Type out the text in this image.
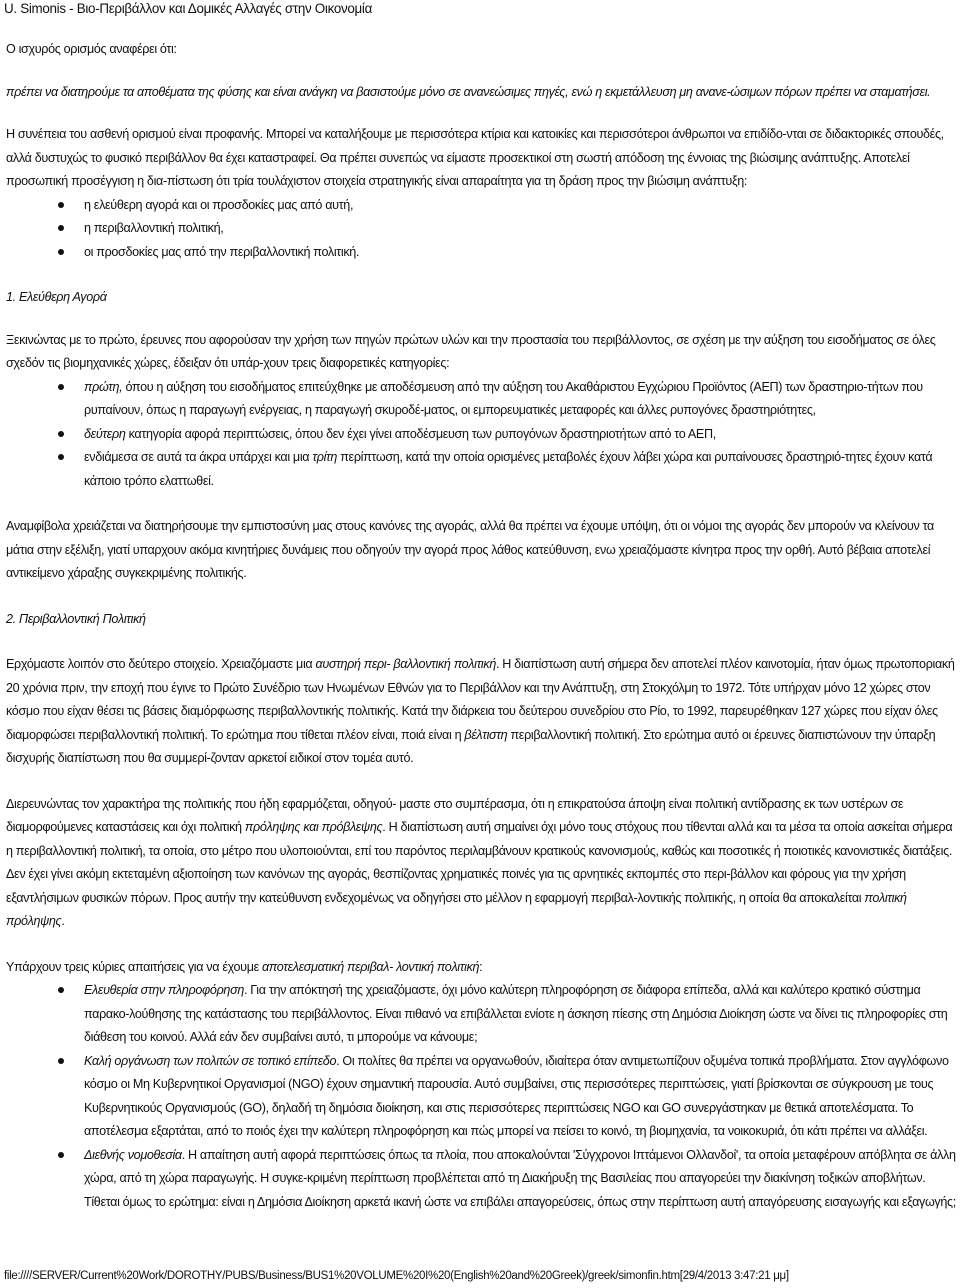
U. Simonis - Βιο-Περιβάλλον και Δομικές Αλλαγές στην Οικονομία

Ο ισχυρός ορισμός αναφέρει ότι:

πρέπει να διατηρούμε τα αποθέματα της φύσης και είναι ανάγκη να βασιστούμε μόνο σε ανανεώσιμες πηγές, ενώ η εκμετάλλευση μη ανανε-ώσιμων πόρων πρέπει να σταματήσει.

Η συνέπεια του ασθενή ορισμού είναι προφανής. Μπορεί να καταλήξουμε με περισσότερα κτίρια και κατοικίες και περισσότεροι άνθρωποι να επιδίδο-νται σε διδακτορικές σπουδές, αλλά δυστυχώς το φυσικό περιβάλλον θα έχει καταστραφεί. Θα πρέπει συνεπώς να είμαστε προσεκτικοί στη σωστή απόδοση της έννοιας της βιώσιμης ανάπτυξης. Αποτελεί προσωπική προσέγγιση η δια-πίστωση ότι τρία τουλάχιστον στοιχεία στρατηγικής είναι απαραίτητα για τη δράση προς την βιώσιμη ανάπτυξη:

η ελεύθερη αγορά και οι προσδοκίες μας από αυτή,
η περιβαλλοντική πολιτική,
οι προσδοκίες μας από την περιβαλλοντική πολιτική.

1. Ελεύθερη Αγορά

Ξεκινώντας με το πρώτο, έρευνες που αφορούσαν την χρήση των πηγών πρώτων υλών και την προστασία του περιβάλλοντος, σε σχέση με την αύξηση του εισοδήματος σε όλες σχεδόν τις βιομηχανικές χώρες, έδειξαν ότι υπάρ-χουν τρεις διαφορετικές κατηγορίες:

πρώτη, όπου η αύξηση του εισοδήματος επιτεύχθηκε με αποδέσμευση από την αύξηση του Ακαθάριστου Εγχώριου Προϊόντος (ΑΕΠ) των δραστηριο-τήτων που ρυπαίνουν, όπως η παραγωγή ενέργειας, η παραγωγή σκυροδέ-ματος, οι εμπορευματικές μεταφορές και άλλες ρυπογόνες δραστηριότητες,
δεύτερη κατηγορία αφορά περιπτώσεις, όπου δεν έχει γίνει αποδέσμευση των ρυπογόνων δραστηριοτήτων από το ΑΕΠ,
ενδιάμεσα σε αυτά τα άκρα υπάρχει και μια τρίτη περίπτωση, κατά την οποία ορισμένες μεταβολές έχουν λάβει χώρα και ρυπαίνουσες δραστηριό-τητες έχουν κατά κάποιο τρόπο ελαττωθεί.

Αναμφίβολα χρειάζεται να διατηρήσουμε την εμπιστοσύνη μας στους κανόνες της αγοράς, αλλά θα πρέπει να έχουμε υπόψη, ότι οι νόμοι της αγοράς δεν μπορούν να κλείνουν τα μάτια στην εξέλιξη, γιατί υπαρχουν ακόμα κινητήριες δυνάμεις που οδηγούν την αγορά προς λάθος κατεύθυνση, ενω χρειαζόμαστε κίνητρα προς την ορθή. Αυτό βέβαια αποτελεί αντικείμενο χάραξης συγκεκριμένης πολιτικής.

2. Περιβαλλοντική Πολιτική

Ερχόμαστε λοιπόν στο δεύτερο στοιχείο. Χρειαζόμαστε μια αυστηρή περι- βαλλοντική πολιτική. Η διαπίστωση αυτή σήμερα δεν αποτελεί πλέον καινοτομία, ήταν όμως πρωτοποριακή 20 χρόνια πριν, την εποχή που έγινε το Πρώτο Συνέδριο των Ηνωμένων Εθνών για το Περιβάλλον και την Ανάπτυξη, στη Στοκχόλμη το 1972. Τότε υπήρχαν μόνο 12 χώρες στον κόσμο που είχαν θέσει τις βάσεις διαμόρφωσης περιβαλλοντικής πολιτικής. Κατά την διάρκεια του δεύτερου συνεδρίου στο Ρίο, το 1992, παρευρέθηκαν 127 χώρες που είχαν όλες διαμορφώσει περιβαλλοντική πολιτική. Το ερώτημα που τίθεται πλέον είναι, ποιά είναι η βέλτιστη περιβαλλοντική πολιτική. Στο ερώτημα αυτό οι έρευνες διαπιστώνουν την ύπαρξη δισχυρής διαπίστωση που θα συμμερί-ζονταν αρκετοί ειδικοί στον τομέα αυτό.

Διερευνώντας τον χαρακτήρα της πολιτικής που ήδη εφαρμόζεται, οδηγού- μαστε στο συμπέρασμα, ότι η επικρατούσα άποψη είναι πολιτική αντίδρασης εκ των υστέρων σε διαμορφούμενες καταστάσεις και όχι πολιτική πρόληψης και πρόβλεψης. Η διαπίστωση αυτή σημαίνει όχι μόνο τους στόχους που τίθενται αλλά και τα μέσα τα οποία ασκείται σήμερα η περιβαλλοντική πολιτική, τα οποία, στο μέτρο που υλοποιούνται, επί του παρόντος περιλαμβάνουν κρατικούς κανονισμούς, καθώς και ποσοτικές ή ποιοτικές κανονιστικές διατάξεις. Δεν έχει γίνει ακόμη εκτεταμένη αξιοποίηση των κανόνων της αγοράς, θεσπίζοντας χρηματικές ποινές για τις αρνητικές εκπομπές στο περι-βάλλον και φόρους για την χρήση εξαντλήσιμων φυσικών πόρων. Προς αυτήν την κατεύθυνση ενδεχομένως να οδηγήσει στο μέλλον η εφαρμογή περιβαλ-λοντικής πολιτικής, η οποία θα αποκαλείται πολιτική πρόληψης.

Υπάρχουν τρεις κύριες απαιτήσεις για να έχουμε αποτελεσματική περιβαλ- λοντική πολιτική:

Ελευθερία στην πληροφόρηση. Για την απόκτησή της χρειαζόμαστε, όχι μόνο καλύτερη πληροφόρηση σε διάφορα επίπεδα, αλλά και καλύτερο κρατικό σύστημα παρακο-λούθησης της κατάστασης του περιβάλλοντος. Είναι πιθανό να επιβάλλεται ενίοτε η άσκηση πίεσης στη Δημόσια Διοίκηση ώστε να δίνει τις πληροφορίες στη διάθεση του κοινού. Αλλά εάν δεν συμβαίνει αυτό, τι μπορούμε να κάνουμε;
Καλή οργάνωση των πολιτών σε τοπικό επίπεδο. Οι πολίτες θα πρέπει να οργανωθούν, ιδιαίτερα όταν αντιμετωπίζουν οξυμένα τοπικά προβλήματα. Στον αγγλόφωνο κόσμο οι Μη Κυβερνητικοί Οργανισμοί (NGO) έχουν σημαντική παρουσία. Αυτό συμβαίνει, στις περισσότερες περιπτώσεις, γιατί βρίσκονται σε σύγκρουση με τους Κυβερνητικούς Οργανισμούς (GO), δηλαδή τη δημόσια διοίκηση, και στις περισσότερες περιπτώσεις NGO και GO συνεργάστηκαν με θετικά αποτελέσματα. Το αποτέλεσμα εξαρτάται, από το ποιός έχει την καλύτερη πληροφόρηση και πώς μπορεί να πείσει το κοινό, τη βιομηχανία, τα νοικοκυριά, ότι κάτι πρέπει να αλλάξει.
Διεθνής νομοθεσία. Η απαίτηση αυτή αφορά περιπτώσεις όπως τα πλοία, που αποκαλούνται 'Σύγχρονοι Ιπτάμενοι Ολλανδοί', τα οποία μεταφέρουν απόβλητα σε άλλη χώρα, από τη χώρα παραγωγής. Η συγκε-κριμένη περίπτωση προβλέπεται από τη Διακήρυξη της Βασιλείας που απαγορεύει την διακίνηση τοξικών αποβλήτων. Τίθεται όμως το ερώτημα: είναι η Δημόσια Διοίκηση αρκετά ικανή ώστε να επιβάλει απαγορεύσεις, όπως στην περίπτωση αυτή απαγόρευσης εισαγωγής και εξαγωγής;
file:////SERVER/Current%20Work/DOROTHY/PUBS/Business/BUS1%20VOLUME%20I%20(English%20and%20Greek)/greek/simonfin.htm[29/4/2013 3:47:21 μμ]
